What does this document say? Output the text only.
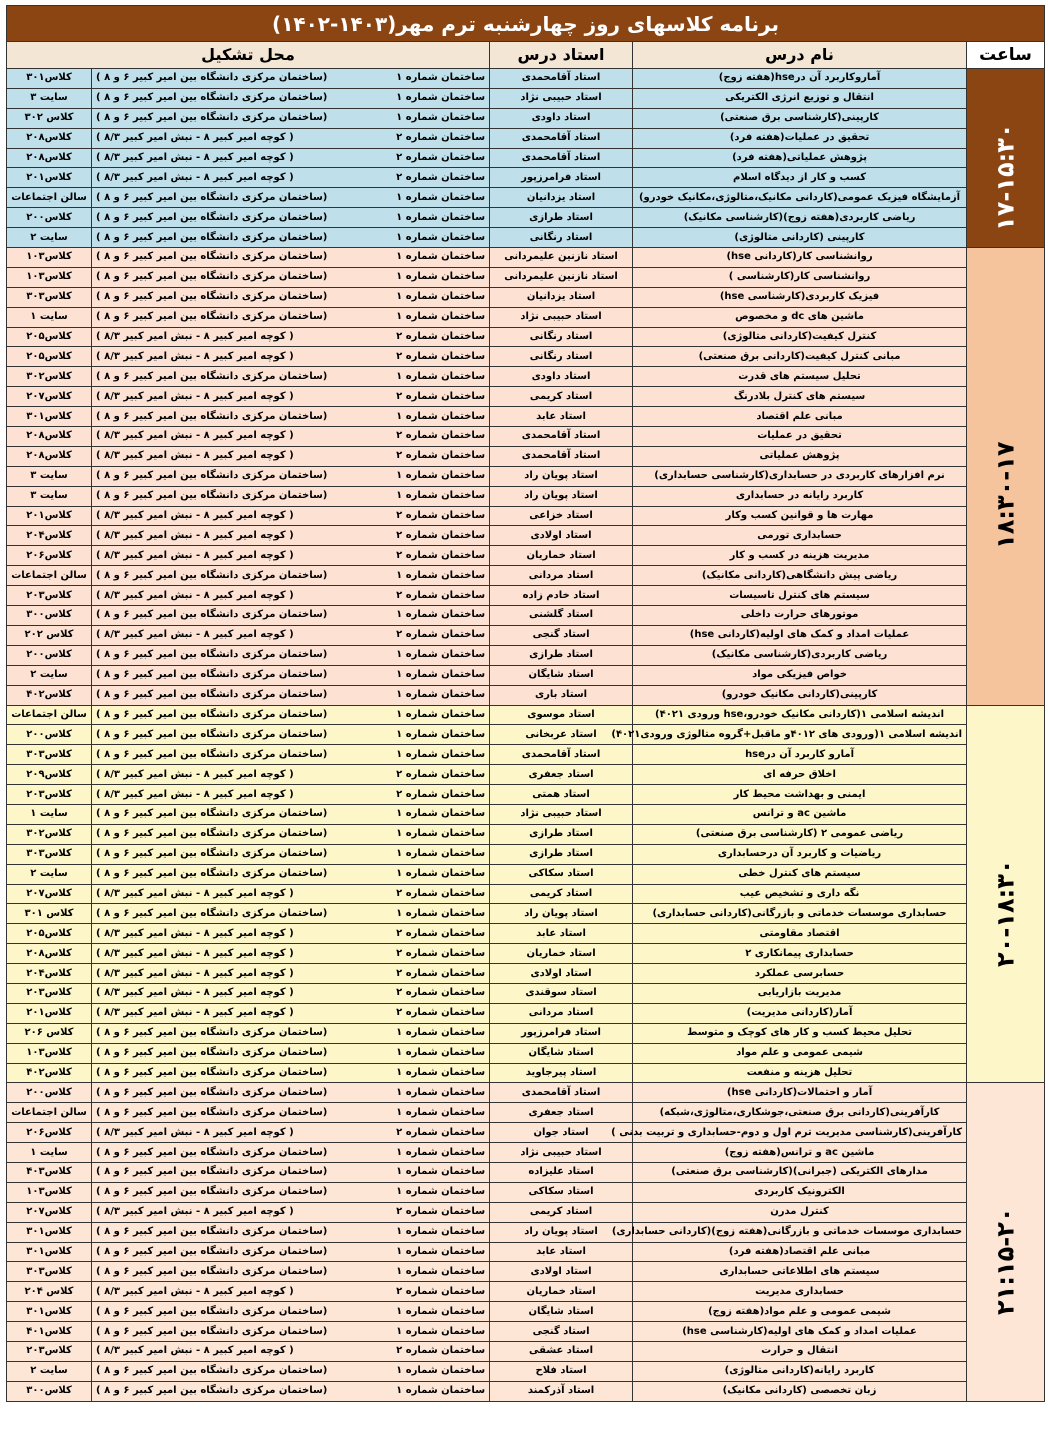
برنامه کلاسهای روز چهارشنبه ترم مهر(۱۴۰۳-۱۴۰۲)					
ساعت	نام درس	استاد درس	محل تشکیل		

۱۷-۱۵:۳۰	آمارو‌کاربرد آن درhse(هفته زوج)	استاد آقامحمدی	ساختمان شماره ۱	(ساختمان مرکزی دانشگاه بین امیر کبیر ۶ و ۸ )	کلاس۳۰۱
	انتقال و توزیع انرژی الکتریکی	استاد حبیبی نژاد	ساختمان شماره ۱	(ساختمان مرکزی دانشگاه بین امیر کبیر ۶ و ۸ )	سایت ۳
	کارپینی(کارشناسی برق صنعتی)	استاد داودی	ساختمان شماره ۱	(ساختمان مرکزی دانشگاه بین امیر کبیر ۶ و ۸ )	کلاس ۳۰۲
	تحقیق در عملیات(هفته فرد)	استاد آقامحمدی	ساختمان شماره ۲	( کوچه امیر کبیر ۸ - نبش امیر کبیر ۸/۳ )	کلاس۲۰۸
	پژوهش عملیاتی(هفته فرد)	استاد آقامحمدی	ساختمان شماره ۲	( کوچه امیر کبیر ۸ - نبش امیر کبیر ۸/۳ )	کلاس۲۰۸
	کسب و کار از دیدگاه اسلام	استاد فرامرزپور	ساختمان شماره ۲	( کوچه امیر کبیر ۸ - نبش امیر کبیر ۸/۳ )	کلاس۲۰۱
	آزمایشگاه فیزیک عمومی(کاردانی مکانیک،متالوژی،مکانیک خودرو)	استاد یزدانیان	ساختمان شماره ۱	(ساختمان مرکزی دانشگاه بین امیر کبیر ۶ و ۸ )	سالن اجتماعات
	ریاضی کاربردی(هفته زوج)(کارشناسی مکانیک)	استاد طرازی	ساختمان شماره ۱	(ساختمان مرکزی دانشگاه بین امیر کبیر ۶ و ۸ )	کلاس۲۰۰
	کارپینی (کاردانی متالوژی)	استاد رنگانی	ساختمان شماره ۱	(ساختمان مرکزی دانشگاه بین امیر کبیر ۶ و ۸ )	سایت ۲

۱۸:۳۰-۱۷	روانشناسی کار(کاردانی hse)	استاد نازنین علیمردانی	ساختمان شماره ۱	(ساختمان مرکزی دانشگاه بین امیر کبیر ۶ و ۸ )	کلاس۱۰۳
	روانشناسی کار(کارشناسی )	استاد نازنین علیمردانی	ساختمان شماره ۱	(ساختمان مرکزی دانشگاه بین امیر کبیر ۶ و ۸ )	کلاس۱۰۳
	فیزیک کاربردی(کارشناسی hse)	استاد یزدانیان	ساختمان شماره ۱	(ساختمان مرکزی دانشگاه بین امیر کبیر ۶ و ۸ )	کلاس۳۰۳
	ماشین های dc و مخصوص	استاد حبیبی نژاد	ساختمان شماره ۱	(ساختمان مرکزی دانشگاه بین امیر کبیر ۶ و ۸ )	سایت ۱
	کنترل کیفیت(کاردانی متالوژی)	استاد رنگانی	ساختمان شماره ۲	( کوچه امیر کبیر ۸ - نبش امیر کبیر ۸/۳ )	کلاس۲۰۵
	مبانی کنترل کیفیت(کاردانی برق صنعتی)	استاد رنگانی	ساختمان شماره ۲	( کوچه امیر کبیر ۸ - نبش امیر کبیر ۸/۳ )	کلاس۲۰۵
	تحلیل سیستم های قدرت	استاد داودی	ساختمان شماره ۱	(ساختمان مرکزی دانشگاه بین امیر کبیر ۶ و ۸ )	کلاس۳۰۲
	سیستم های کنترل بلادرنگ	استاد کریمی	ساختمان شماره ۲	( کوچه امیر کبیر ۸ - نبش امیر کبیر ۸/۳ )	کلاس۲۰۷
	مبانی علم اقتصاد	استاد عابد	ساختمان شماره ۱	(ساختمان مرکزی دانشگاه بین امیر کبیر ۶ و ۸ )	کلاس۳۰۱
	تحقیق در عملیات	استاد آقامحمدی	ساختمان شماره ۲	( کوچه امیر کبیر ۸ - نبش امیر کبیر ۸/۳ )	کلاس۲۰۸
	پژوهش عملیاتی	استاد آقامحمدی	ساختمان شماره ۲	( کوچه امیر کبیر ۸ - نبش امیر کبیر ۸/۳ )	کلاس۲۰۸
	نرم افزارهای کاربردی در حسابداری(کارشناسی حسابداری)	استاد پویان راد	ساختمان شماره ۱	(ساختمان مرکزی دانشگاه بین امیر کبیر ۶ و ۸ )	سایت ۳
	کاربرد رایانه در حسابداری	استاد پویان راد	ساختمان شماره ۱	(ساختمان مرکزی دانشگاه بین امیر کبیر ۶ و ۸ )	سایت ۳
	مهارت ها و قوانین کسب وکار	استاد خزاعی	ساختمان شماره ۲	( کوچه امیر کبیر ۸ - نبش امیر کبیر ۸/۳ )	کلاس۲۰۱
	حسابداری تورمی	استاد اولادی	ساختمان شماره ۲	( کوچه امیر کبیر ۸ - نبش امیر کبیر ۸/۳ )	کلاس۲۰۴
	مدیریت هزینه در کسب و کار	استاد خماریان	ساختمان شماره ۲	( کوچه امیر کبیر ۸ - نبش امیر کبیر ۸/۳ )	کلاس۲۰۶
	ریاضی پیش دانشگاهی(کاردانی مکانیک)	استاد مردانی	ساختمان شماره ۱	(ساختمان مرکزی دانشگاه بین امیر کبیر ۶ و ۸ )	سالن اجتماعات
	سیستم های کنترل تاسیسات	استاد خادم زاده	ساختمان شماره ۲	( کوچه امیر کبیر ۸ - نبش امیر کبیر ۸/۳ )	کلاس۲۰۳
	موتورهای حرارت داخلی	استاد گلشنی	ساختمان شماره ۱	(ساختمان مرکزی دانشگاه بین امیر کبیر ۶ و ۸ )	کلاس۳۰۰
	عملیات امداد و کمک های اولیه(کاردانی hse)	استاد گنجی	ساختمان شماره ۲	( کوچه امیر کبیر ۸ - نبش امیر کبیر ۸/۳ )	کلاس ۲۰۲
	ریاضی کاربردی(کارشناسی مکانیک)	استاد طرازی	ساختمان شماره ۱	(ساختمان مرکزی دانشگاه بین امیر کبیر ۶ و ۸ )	کلاس۲۰۰
	خواص فیزیکی مواد	استاد شایگان	ساختمان شماره ۱	(ساختمان مرکزی دانشگاه بین امیر کبیر ۶ و ۸ )	سایت ۲
	کارپینی(کاردانی مکانیک خودرو)	استاد باری	ساختمان شماره ۱	(ساختمان مرکزی دانشگاه بین امیر کبیر ۶ و ۸ )	کلاس۴۰۲

۲۰-۱۸:۳۰	اندیشه اسلامی ۱(کاردانی مکانیک خودرو،hse ورودی ۴۰۲۱)	استاد موسوی	ساختمان شماره ۱	(ساختمان مرکزی دانشگاه بین امیر کبیر ۶ و ۸ )	سالن اجتماعات
	اندیشه اسلامی ۱(ورودی های ۴۰۱۲و ماقبل+گروه متالوژی ورودی۴۰۲۱)	استاد عربخانی	ساختمان شماره ۱	(ساختمان مرکزی دانشگاه بین امیر کبیر ۶ و ۸ )	کلاس۲۰۰
	آمارو کاربرد آن درhse	استاد آقامحمدی	ساختمان شماره ۱	(ساختمان مرکزی دانشگاه بین امیر کبیر ۶ و ۸ )	کلاس۳۰۳
	اخلاق حرفه ای	استاد جعفری	ساختمان شماره ۲	( کوچه امیر کبیر ۸ - نبش امیر کبیر ۸/۳ )	کلاس۲۰۹
	ایمنی و بهداشت محیط کار	استاد همتی	ساختمان شماره ۲	( کوچه امیر کبیر ۸ - نبش امیر کبیر ۸/۳ )	کلاس۲۰۳
	ماشین ac و ترانس	استاد حبیبی نژاد	ساختمان شماره ۱	(ساختمان مرکزی دانشگاه بین امیر کبیر ۶ و ۸ )	سایت ۱
	ریاضی عمومی ۲ (کارشناسی برق صنعتی)	استاد طرازی	ساختمان شماره ۱	(ساختمان مرکزی دانشگاه بین امیر کبیر ۶ و ۸ )	کلاس۳۰۲
	ریاضیات و کاربرد آن درحسابداری	استاد طرازی	ساختمان شماره ۱	(ساختمان مرکزی دانشگاه بین امیر کبیر ۶ و ۸ )	کلاس۳۰۳
	سیستم های کنترل خطی	استاد سکاکی	ساختمان شماره ۱	(ساختمان مرکزی دانشگاه بین امیر کبیر ۶ و ۸ )	سایت ۲
	نگه داری و تشخیص عیب	استاد کریمی	ساختمان شماره ۲	( کوچه امیر کبیر ۸ - نبش امیر کبیر ۸/۳ )	کلاس۲۰۷
	حسابداری موسسات خدماتی و بازرگانی(کاردانی حسابداری)	استاد پویان راد	ساختمان شماره ۱	(ساختمان مرکزی دانشگاه بین امیر کبیر ۶ و ۸ )	کلاس ۳۰۱
	اقتصاد مقاومتی	استاد عابد	ساختمان شماره ۲	( کوچه امیر کبیر ۸ - نبش امیر کبیر ۸/۳ )	کلاس۲۰۵
	حسابداری پیمانکاری ۲	استاد خماریان	ساختمان شماره ۲	( کوچه امیر کبیر ۸ - نبش امیر کبیر ۸/۳ )	کلاس۲۰۸
	حسابرسی عملکرد	استاد اولادی	ساختمان شماره ۲	( کوچه امیر کبیر ۸ - نبش امیر کبیر ۸/۳ )	کلاس۲۰۴
	مدیریت بازاریابی	استاد سوقندی	ساختمان شماره ۲	( کوچه امیر کبیر ۸ - نبش امیر کبیر ۸/۳ )	کلاس۲۰۳
	آمار(کاردانی مدیریت)	استاد مردانی	ساختمان شماره ۲	( کوچه امیر کبیر ۸ - نبش امیر کبیر ۸/۳ )	کلاس۲۰۱
	تحلیل محیط کسب و کار های کوچک و متوسط	استاد فرامرزپور	ساختمان شماره ۱	(ساختمان مرکزی دانشگاه بین امیر کبیر ۶ و ۸ )	کلاس ۲۰۶
	شیمی عمومی و علم مواد	استاد شایگان	ساختمان شماره ۱	(ساختمان مرکزی دانشگاه بین امیر کبیر ۶ و ۸ )	کلاس۱۰۳
	تحلیل هزینه و منفعت	استاد پیرجاوید	ساختمان شماره ۱	(ساختمان مرکزی دانشگاه بین امیر کبیر ۶ و ۸ )	کلاس۴۰۲

۲۱:۱۵-۲۰	آمار و احتمالات(کاردانی hse)	استاد آقامحمدی	ساختمان شماره ۱	(ساختمان مرکزی دانشگاه بین امیر کبیر ۶ و ۸ )	کلاس۲۰۰
	کارآفرینی(کاردانی برق صنعتی،جوشکاری،متالوژی،شبکه)	استاد جعفری	ساختمان شماره ۱	(ساختمان مرکزی دانشگاه بین امیر کبیر ۶ و ۸ )	سالن اجتماعات
	کارآفرینی(کارشناسی مدیریت ترم اول و دوم-حسابداری و تربیت بدنی )	استاد جوان	ساختمان شماره ۲	( کوچه امیر کبیر ۸ - نبش امیر کبیر ۸/۳ )	کلاس۲۰۶
	ماشین ac و ترانس(هفته زوج)	استاد حبیبی نژاد	ساختمان شماره ۱	(ساختمان مرکزی دانشگاه بین امیر کبیر ۶ و ۸ )	سایت ۱
	مدارهای الکتریکی (جبرانی)(کارشناسی برق صنعتی)	استاد علیزاده	ساختمان شماره ۱	(ساختمان مرکزی دانشگاه بین امیر کبیر ۶ و ۸ )	کلاس۴۰۳
	الکترونیک کاربردی	استاد سکاکی	ساختمان شماره ۱	(ساختمان مرکزی دانشگاه بین امیر کبیر ۶ و ۸ )	کلاس۱۰۳
	کنترل مدرن	استاد کریمی	ساختمان شماره ۲	( کوچه امیر کبیر ۸ - نبش امیر کبیر ۸/۳ )	کلاس۲۰۷
	حسابداری موسسات خدماتی و بازرگانی(هفته زوج)(کاردانی حسابداری)	استاد پویان راد	ساختمان شماره ۱	(ساختمان مرکزی دانشگاه بین امیر کبیر ۶ و ۸ )	کلاس۳۰۱
	مبانی علم اقتصاد(هفته فرد)	استاد عابد	ساختمان شماره ۱	(ساختمان مرکزی دانشگاه بین امیر کبیر ۶ و ۸ )	کلاس۳۰۱
	سیستم های اطلاعاتی حسابداری	استاد اولادی	ساختمان شماره ۱	(ساختمان مرکزی دانشگاه بین امیر کبیر ۶ و ۸ )	کلاس۳۰۳
	حسابداری مدیریت	استاد خماریان	ساختمان شماره ۲	( کوچه امیر کبیر ۸ - نبش امیر کبیر ۸/۳ )	کلاس ۲۰۴
	شیمی عمومی و علم مواد(هفته زوج)	استاد شایگان	ساختمان شماره ۱	(ساختمان مرکزی دانشگاه بین امیر کبیر ۶ و ۸ )	کلاس۳۰۱
	عملیات امداد و کمک های اولیه(کارشناسی hse)	استاد گنجی	ساختمان شماره ۱	(ساختمان مرکزی دانشگاه بین امیر کبیر ۶ و ۸ )	کلاس۴۰۱
	انتقال و حرارت	استاد عشقی	ساختمان شماره ۲	( کوچه امیر کبیر ۸ - نبش امیر کبیر ۸/۳ )	کلاس۲۰۳
	کاربرد رایانه(کاردانی متالوژی)	استاد فلاح	ساختمان شماره ۱	(ساختمان مرکزی دانشگاه بین امیر کبیر ۶ و ۸ )	سایت ۲
	زبان تخصصی (کاردانی مکانیک)	استاد آذرکمند	ساختمان شماره ۱	(ساختمان مرکزی دانشگاه بین امیر کبیر ۶ و ۸ )	کلاس۳۰۰
